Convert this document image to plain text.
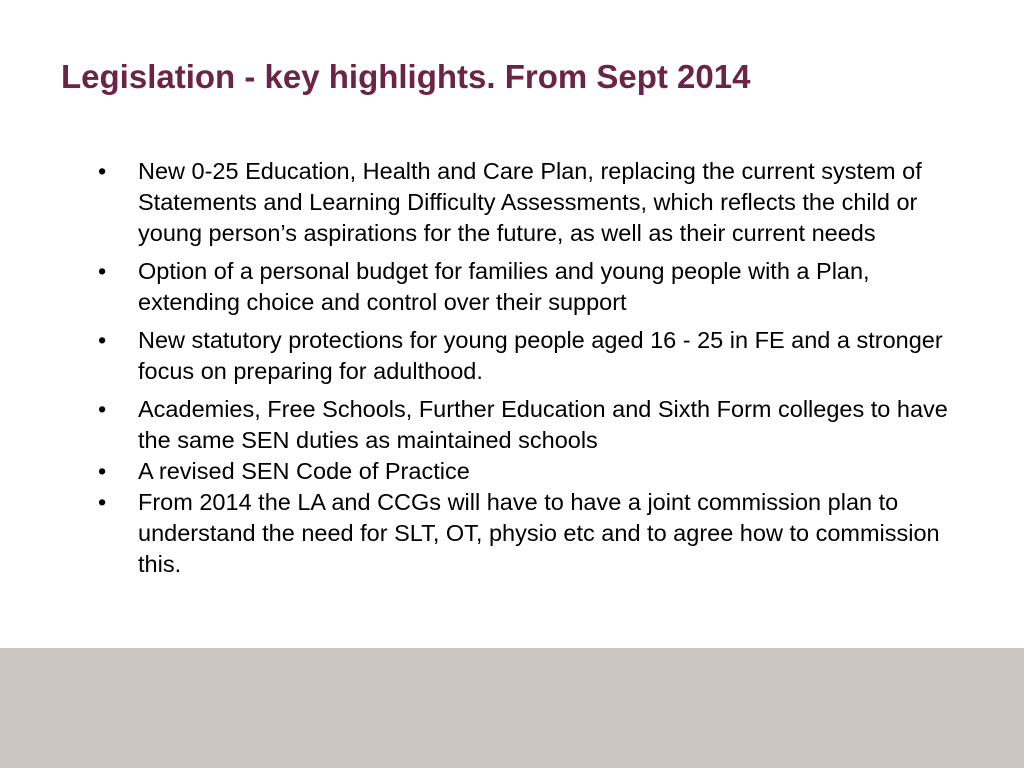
Legislation - key highlights. From Sept 2014
•	New 0-25 Education, Health and Care Plan, replacing the current system of Statements and Learning Difficulty Assessments, which reflects the child or young person’s aspirations for the future, as well as their current needs
•	Option of a personal budget for families and young people with a Plan, extending choice and control over their support
•	New statutory protections for young people aged 16 - 25 in FE and a stronger focus on preparing for adulthood.
•	Academies, Free Schools, Further Education and Sixth Form colleges to have the same SEN duties as maintained schools
•	A revised SEN Code of Practice
•	From 2014 the LA and CCGs will have to have a joint commission plan to understand the need for SLT, OT, physio etc and to agree how to commission this.
